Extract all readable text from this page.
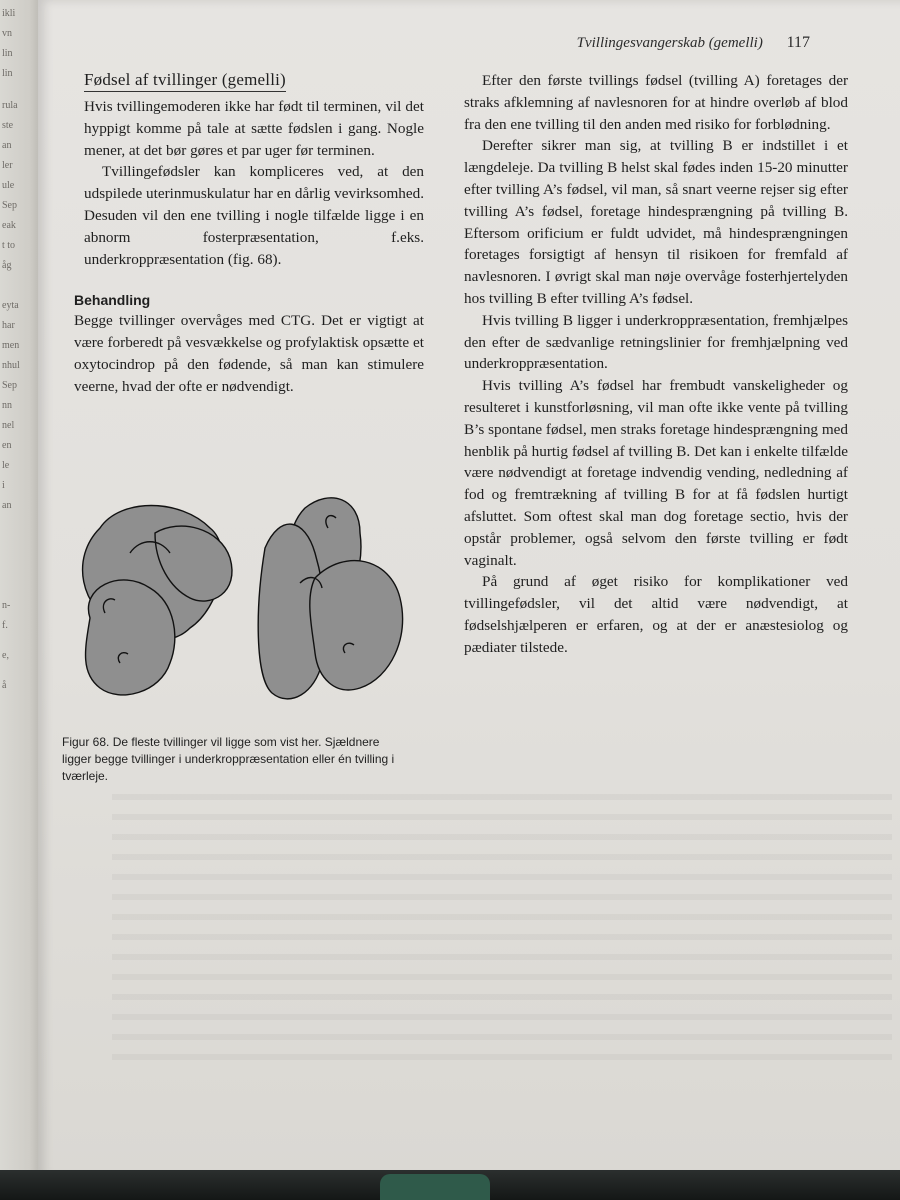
ikli
vn
lin
lin
rula
ste
an
ler
ule
Sep
eak
t to
åg
eyta
har
men
nhul
Sep
nn
nel
en
le
i
an
n-
f.
e,
å
Tvillingesvangerskab (gemelli) 117
Fødsel af tvillinger (gemelli)

Hvis tvillingemoderen ikke har født til terminen, vil det hyppigt komme på tale at sætte fødslen i gang. Nogle mener, at det bør gøres et par uger før terminen.

Tvillingefødsler kan kompliceres ved, at den udspilede uterinmuskulatur har en dårlig vevirksomhed. Desuden vil den ene tvilling i nogle tilfælde ligge i en abnorm fosterpræsentation, f.eks. underkroppræsentation (fig. 68).

Behandling

Begge tvillinger overvåges med CTG. Det er vigtigt at være forberedt på vesvækkelse og profylaktisk opsætte et oxytocindrop på den fødende, så man kan stimulere veerne, hvad der ofte er nødvendigt.

Figur 68. De fleste tvillinger vil ligge som vist her. Sjældnere ligger begge tvillinger i underkroppræsentation eller én tvilling i tværleje.

Efter den første tvillings fødsel (tvilling A) foretages der straks afklemning af navlesnoren for at hindre overløb af blod fra den ene tvilling til den anden med risiko for forblødning.

Derefter sikrer man sig, at tvilling B er indstillet i et længdeleje. Da tvilling B helst skal fødes inden 15-20 minutter efter tvilling A’s fødsel, vil man, så snart veerne rejser sig efter tvilling A’s fødsel, foretage hindesprængning på tvilling B. Eftersom orificium er fuldt udvidet, må hindesprængningen foretages forsigtigt af hensyn til risikoen for fremfald af navlesnoren. I øvrigt skal man nøje overvåge fosterhjertelyden hos tvilling B efter tvilling A’s fødsel.

Hvis tvilling B ligger i underkroppræsentation, fremhjælpes den efter de sædvanlige retningslinier for fremhjælpning ved underkroppræsentation.

Hvis tvilling A’s fødsel har frembudt vanskeligheder og resulteret i kunstforløsning, vil man ofte ikke vente på tvilling B’s spontane fødsel, men straks foretage hindesprængning med henblik på hurtig fødsel af tvilling B. Det kan i enkelte tilfælde være nødvendigt at foretage indvendig vending, nedledning af fod og fremtrækning af tvilling B for at få fødslen hurtigt afsluttet. Som oftest skal man dog foretage sectio, hvis der opstår problemer, også selvom den første tvilling er født vaginalt.

På grund af øget risiko for komplikationer ved tvillingefødsler, vil det altid være nødvendigt, at fødselshjælperen er erfaren, og at der er anæstesiolog og pædiater tilstede.
